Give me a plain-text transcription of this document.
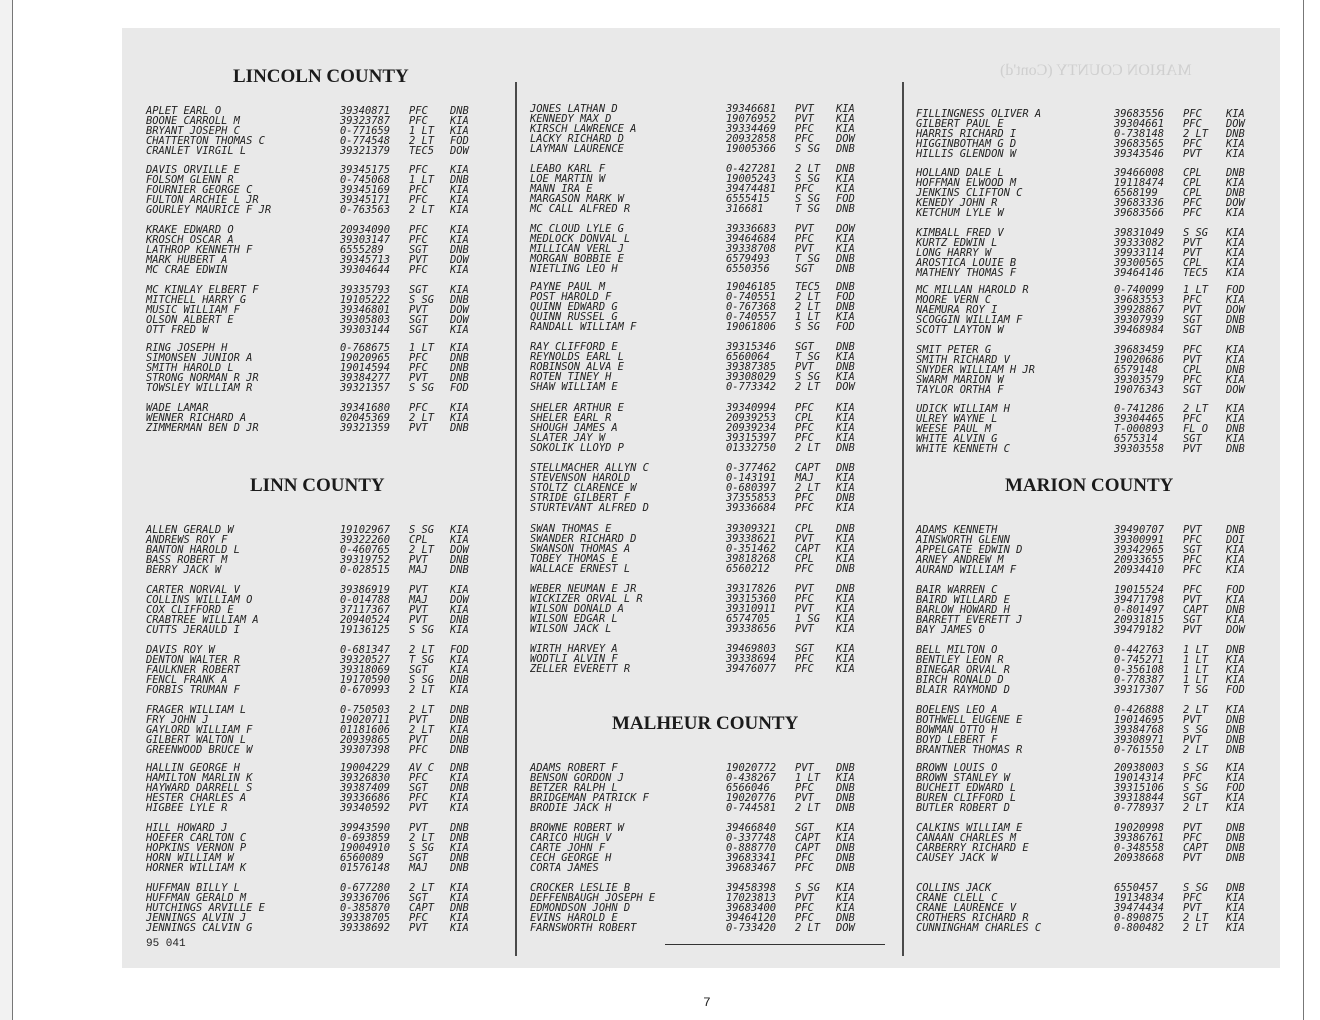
MARION COUNTY (Cont'd)
LINCOLN COUNTY
APLET EARL O	39340871 PFC DNB
BOONE CARROLL M	39323787 PFC KIA
BRYANT JOSEPH C	0-771659 1 LT KIA
CHATTERTON THOMAS C	0-774548 2 LT FOD
CRANLET VIRGIL L	39321379 TEC5 DOW
DAVIS ORVILLE E	39345175 PFC KIA
FOLSOM GLENN R	0-745068 1 LT DNB
FOURNIER GEORGE C	39345169 PFC KIA
FULTON ARCHIE L JR	39345171 PFC KIA
GOURLEY MAURICE F JR	0-763563 2 LT KIA
KRAKE EDWARD O	20934090 PFC KIA
KROSCH OSCAR A	39303147 PFC KIA
LATHROP KENNETH F	6555289 SGT DNB
MARK HUBERT A	39345713 PVT DOW
MC CRAE EDWIN	39304644 PFC KIA
MC KINLAY ELBERT F	39335793 SGT KIA
MITCHELL HARRY G	19105222 S SG DNB
MUSIC WILLIAM F	39346801 PVT DOW
OLSON ALBERT E	39305803 SGT DOW
OTT FRED W	39303144 SGT KIA
RING JOSEPH H	0-768675 1 LT KIA
SIMONSEN JUNIOR A	19020965 PFC DNB
SMITH HAROLD L	19014594 PFC DNB
STRONG NORMAN R JR	39384277 PVT DNB
TOWSLEY WILLIAM R	39321357 S SG FOD
WADE LAMAR	39341680 PFC KIA
WENNER RICHARD A	02045369 2 LT KIA
ZIMMERMAN BEN D JR	39321359 PVT DNB
LINN COUNTY
ALLEN GERALD W	19102967 S SG KIA
ANDREWS ROY F	39322260 CPL KIA
BANTON HAROLD L	0-460765 2 LT DOW
BASS ROBERT M	39319752 PVT DNB
BERRY JACK W	0-028515 MAJ DNB
CARTER NORVAL V	39386919 PVT KIA
COLLINS WILLIAM O	0-014788 MAJ DOW
COX CLIFFORD E	37117367 PVT KIA
CRABTREE WILLIAM A	20940524 PVT DNB
CUTTS JERAULD I	19136125 S SG KIA
DAVIS ROY W	0-681347 2 LT FOD
DENTON WALTER R	39320527 T SG KIA
FAULKNER ROBERT	39318069 SGT KIA
FENCL FRANK A	19170590 S SG DNB
FORBIS TRUMAN F	0-670993 2 LT KIA
FRAGER WILLIAM L	0-750503 2 LT DNB
FRY JOHN J	19020711 PVT DNB
GAYLORD WILLIAM F	01181606 2 LT KIA
GILBERT WALTON L	20939865 PVT DNB
GREENWOOD BRUCE W	39307398 PFC DNB
HALLIN GEORGE H	19004229 AV C DNB
HAMILTON MARLIN K	39326830 PFC KIA
HAYWARD DARRELL S	39387409 SGT DNB
HESTER CHARLES A	39336686 PFC KIA
HIGBEE LYLE R	39340592 PVT KIA
HILL HOWARD J	39943590 PVT DNB
HOEFER CARLTON C	0-693859 2 LT DNB
HOPKINS VERNON P	19004910 S SG KIA
HORN WILLIAM W	6560089 SGT DNB
HORNER WILLIAM K	01576148 MAJ DNB
HUFFMAN BILLY L	0-677280 2 LT KIA
HUFFMAN GERALD M	39336706 SGT KIA
HUTCHINGS ARVILLE E	0-385870 CAPT DNB
JENNINGS ALVIN J	39338705 PFC KIA
JENNINGS CALVIN G	39338692 PVT KIA
JONES LATHAN D	39346681 PVT KIA
KENNEDY MAX D	19076952 PVT KIA
KIRSCH LAWRENCE A	39334469 PFC KIA
LACKY RICHARD D	20932858 PFC DOW
LAYMAN LAURENCE	19005366 S SG DNB
LEABO KARL F	0-427281 2 LT DNB
LOE MARTIN W	19005243 S SG KIA
MANN IRA E	39474481 PFC KIA
MARGASON MARK W	6555415 S SG FOD
MC CALL ALFRED R	316681	T SG DNB
MC CLOUD LYLE G	39336683 PVT DOW
MEDLOCK DONVAL L	39464684 PFC KIA
MILLICAN VERL J	39338708 PVT KIA
MORGAN BOBBIE E	6579493 T SG DNB
NIETLING LEO H	6550356 SGT DNB
PAYNE PAUL M	19046185 TEC5 DNB
POST HAROLD F	0-740551 2 LT FOD
QUINN EDWARD G	0-767368 2 LT DNB
QUINN RUSSEL G	0-740557 1 LT KIA
RANDALL WILLIAM F	19061806 S SG FOD
RAY CLIFFORD E	39315346 SGT DNB
REYNOLDS EARL L	6560064 T SG KIA
ROBINSON ALVA E	39387385 PVT DNB
ROTEN TINEY H	39308029 S SG KIA
SHAW WILLIAM E	0-773342 2 LT DOW
SHELER ARTHUR E	39340994 PFC KIA
SHELER EARL R	20939253 CPL KIA
SHOUGH JAMES A	20939234 PFC KIA
SLATER JAY W	39315397 PFC KIA
SOKOLIK LLOYD P	01332750 2 LT DNB
STELLMACHER ALLYN C	0-377462 CAPT DNB
STEVENSON HAROLD	0-143191 MAJ KIA
STOLTZ CLARENCE W	0-680397 2 LT KIA
STRIDE GILBERT F	37355853 PFC DNB
STURTEVANT ALFRED D	39336684 PFC KIA
SWAN THOMAS E	39309321 CPL DNB
SWANDER RICHARD D	39338621 PVT KIA
SWANSON THOMAS A	0-351462 CAPT KIA
TOBEY THOMAS E	39818268 CPL KIA
WALLACE ERNEST L	6560212 PFC DNB
WEBER NEUMAN E JR	39317826 PVT DNB
WICKIZER ORVAL L R	39315360 PFC KIA
WILSON DONALD A	39310911 PVT KIA
WILSON EDGAR L	6574705 1 SG KIA
WILSON JACK L	39338656 PVT KIA
WIRTH HARVEY A	39469803 SGT KIA
WODTLI ALVIN F	39338694 PFC KIA
ZELLER EVERETT R	39476077 PFC KIA
MALHEUR COUNTY
ADAMS ROBERT F	19020772 PVT DNB
BENSON GORDON J	0-438267 1 LT KIA
BETZER RALPH L	6566046 PFC DNB
BRIDGEMAN PATRICK F	19020776 PVT DNB
BRODIE JACK H	0-744581 2 LT DNB
BROWNE ROBERT W	39466840 SGT KIA
CARICO HUGH V	0-337748 CAPT KIA
CARTE JOHN F	0-888770 CAPT DNB
CECH GEORGE H	39683341 PFC DNB
CORTA JAMES	39683467 PFC DNB
CROCKER LESLIE B	39458398 S SG KIA
DEFFENBAUGH JOSEPH E	17023813 PVT KIA
EDMONDSON JOHN D	39683400 PFC KIA
EVINS HAROLD E	39464120 PFC DNB
FARNSWORTH ROBERT	0-733420 2 LT DOW
FILLINGNESS OLIVER A	39683556 PFC KIA
GILBERT PAUL E	39304661 PFC DOW
HARRIS RICHARD I	0-738148 2 LT DNB
HIGGINBOTHAM G D	39683565 PFC KIA
HILLIS GLENDON W	39343546 PVT KIA
HOLLAND DALE L	39466008 CPL DNB
HOFFMAN ELWOOD M	19118474 CPL KIA
JENKINS CLIFTON C	6568199 CPL DNB
KENEDY JOHN R	39683336 PFC DOW
KETCHUM LYLE W	39683566 PFC KIA
KIMBALL FRED V	39831049 S SG KIA
KURTZ EDWIN L	39333082 PVT KIA
LONG HARRY W	39933114 PVT KIA
AROSTICA LOUIE B	39300565 CPL KIA
MATHENY THOMAS F	39464146 TEC5 KIA
MC MILLAN HAROLD R	0-740099 1 LT FOD
MOORE VERN C	39683553 PFC KIA
NAEMURA ROY I	39928867 PVT DOW
SCOGGIN WILLIAM F	39307939 SGT DNB
SCOTT LAYTON W	39468984 SGT DNB
SMIT PETER G	39683459 PFC KIA
SMITH RICHARD V	19020686 PVT KIA
SNYDER WILLIAM H JR	6579148 CPL DNB
SWARM MARION W	39303579 PFC KIA
TAYLOR ORTHA F	19076343 SGT DOW
UDICK WILLIAM H	0-741286 2 LT KIA
ULREY WAYNE L	39304465 PFC KIA
WEESE PAUL M	T-000893 FL O DNB
WHITE ALVIN G	6575314 SGT KIA
WHITE KENNETH C	39303558 PVT DNB
MARION COUNTY
ADAMS KENNETH	39490707 PVT DNB
AINSWORTH GLENN	39300991 PFC DOI
APPELGATE EDWIN D	39342965 SGT KIA
ARNEY ANDREW M	20933655 PFC KIA
AURAND WILLIAM F	20934410 PFC KIA
BAIR WARREN C	19015524 PFC FOD
BAIRD WILLARD E	39471798 PVT KIA
BARLOW HOWARD H	0-801497 CAPT DNB
BARRETT EVERETT J	20931815 SGT KIA
BAY JAMES O	39479182 PVT DOW
BELL MILTON O	0-442763 1 LT DNB
BENTLEY LEON R	0-745271 1 LT KIA
BINEGAR ORVAL R	0-356108 1 LT KIA
BIRCH RONALD D	0-778387 1 LT KIA
BLAIR RAYMOND D	39317307 T SG FOD
BOELENS LEO A	0-426888 2 LT KIA
BOTHWELL EUGENE E	19014695 PVT DNB
BOWMAN OTTO H	39384768 S SG DNB
BOYD LEBERT F	39308971 PVT DNB
BRANTNER THOMAS R	0-761550 2 LT DNB
BROWN LOUIS O	20938003 S SG KIA
BROWN STANLEY W	19014314 PFC KIA
BUCHEIT EDWARD L	39315106 S SG FOD
BUREN CLIFFORD L	39318844 SGT KIA
BUTLER ROBERT D	0-778937 2 LT KIA
CALKINS WILLIAM E	19020998 PVT DNB
CANAAN CHARLES M	39386761 PFC DNB
CARBERRY RICHARD E	0-348558 CAPT DNB
CAUSEY JACK W	20938668 PVT DNB
COLLINS JACK	6550457 S SG DNB
CRANE CLELL C	19134834 PFC KIA
CRANE LAURENCE V	39474434 PVT KIA
CROTHERS RICHARD R	0-890875 2 LT KIA
CUNNINGHAM CHARLES C	0-800482 2 LT KIA
95 041
7
